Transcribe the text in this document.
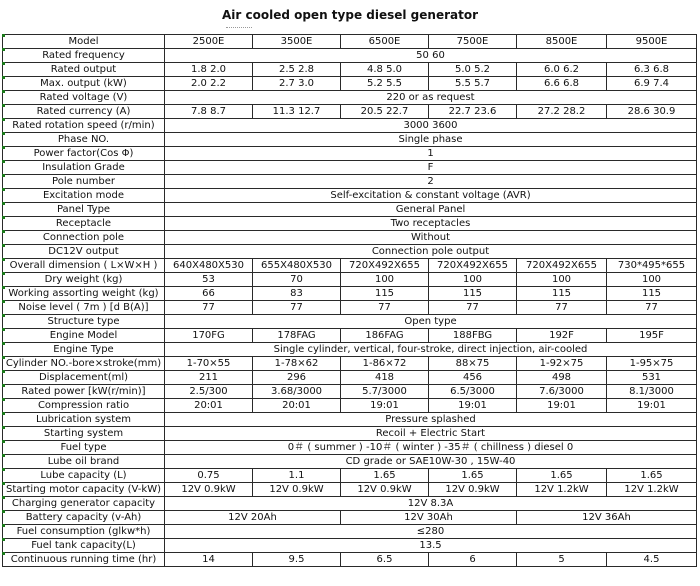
Air cooled open type diesel generator
Model	2500E	3500E	6500E	7500E	8500E	9500E
Rated frequency	50 60					
Rated output	1.8 2.0	2.5 2.8	4.8 5.0	5.0 5.2	6.0 6.2	6.3 6.8
Max. output (kW)	2.0 2.2	2.7 3.0	5.2 5.5	5.5 5.7	6.6 6.8	6.9 7.4
Rated voltage (V)	220 or as request					
Rated currency (A)	7.8 8.7	11.3 12.7	20.5 22.7	22.7 23.6	27.2 28.2	28.6 30.9
Rated rotation speed (r/min)	3000 3600					
Phase NO.	Single phase					
Power factor(Cos Φ)	1					
Insulation Grade	F					
Pole number	2					
Excitation mode	Self-excitation & constant voltage (AVR)					
Panel Type	General Panel					
Receptacle	Two receptacles					
Connection pole	Without					
DC12V output	Connection pole output					
Overall dimension ( L×W×H )	640X480X530	655X480X530	720X492X655	720X492X655	720X492X655	730*495*655
Dry weight (kg)	53	70	100	100	100	100
Working assorting weight (kg)	66	83	115	115	115	115
Noise level ( 7m ) [d B(A)]	77	77	77	77	77	77
Structure type	Open type					
Engine Model	170FG	178FAG	186FAG	188FBG	192F	195F
Engine Type	Single cylinder, vertical, four-stroke, direct injection, air-cooled					
Cylinder NO.-bore×stroke(mm)	1-70×55	1-78×62	1-86×72	88×75	1-92×75	1-95×75
Displacement(ml)	211	296	418	456	498	531
Rated power [kW(r/min)]	2.5/300	3.68/3000	5.7/3000	6.5/3000	7.6/3000	8.1/3000
Compression ratio	20:01	20:01	19:01	19:01	19:01	19:01
Lubrication system	Pressure splashed					
Starting system	Recoil + Electric Start					
Fuel type	0＃ ( summer ) -10＃ ( winter ) -35＃ ( chillness ) diesel 0					
Lube oil brand	CD grade or SAE10W-30 , 15W-40					
Lube capacity (L)	0.75	1.1	1.65	1.65	1.65	1.65
Starting motor capacity (V-kW)	12V 0.9kW	12V 0.9kW	12V 0.9kW	12V 0.9kW	12V 1.2kW	12V 1.2kW
Charging generator capacity	12V 8.3A					
Battery capacity (v-Ah)	12V 20Ah		12V 30Ah		12V 36Ah	
Fuel consumption (glkw*h)	≤280					
Fuel tank capacity(L)	13.5					
Continuous running time (hr)	14	9.5	6.5	6	5	4.5
